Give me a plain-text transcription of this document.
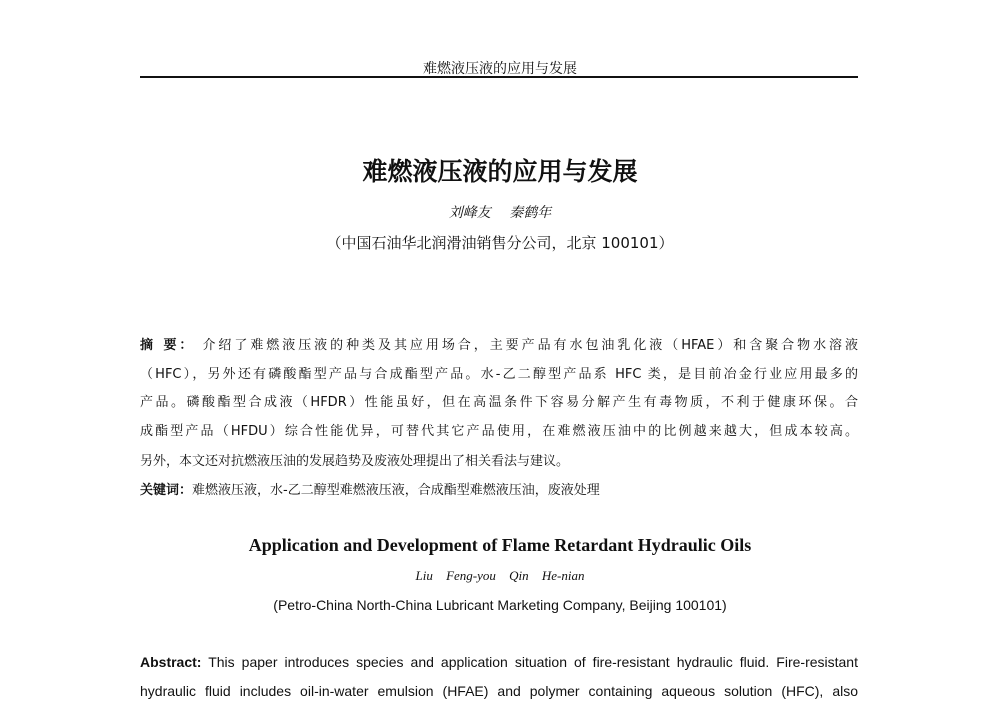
难燃液压液的应用与发展
难燃液压液的应用与发展
刘峰友 秦鹤年
（中国石油华北润滑油销售分公司，北京 100101）
摘 要： 介绍了难燃液压液的种类及其应用场合，主要产品有水包油乳化液（HFAE）和含聚合物水溶液
（HFC），另外还有磷酸酯型产品与合成酯型产品。水-乙二醇型产品系 HFC 类，是目前冶金行业应用最多的
产品。磷酸酯型合成液（HFDR）性能虽好，但在高温条件下容易分解产生有毒物质，不利于健康环保。合
成酯型产品（HFDU）综合性能优异，可替代其它产品使用，在难燃液压油中的比例越来越大，但成本较高。
另外，本文还对抗燃液压油的发展趋势及废液处理提出了相关看法与建议。
关键词：难燃液压液，水-乙二醇型难燃液压液，合成酯型难燃液压油，废液处理
Application and Development of Flame Retardant Hydraulic Oils
Liu Feng-you Qin He-nian
(Petro-China North-China Lubricant Marketing Company, Beijing 100101)
Abstract: This paper introduces species and application situation of fire-resistant hydraulic fluid. Fire-resistant
hydraulic fluid includes oil-in-water emulsion (HFAE) and polymer containing aqueous solution (HFC), also
